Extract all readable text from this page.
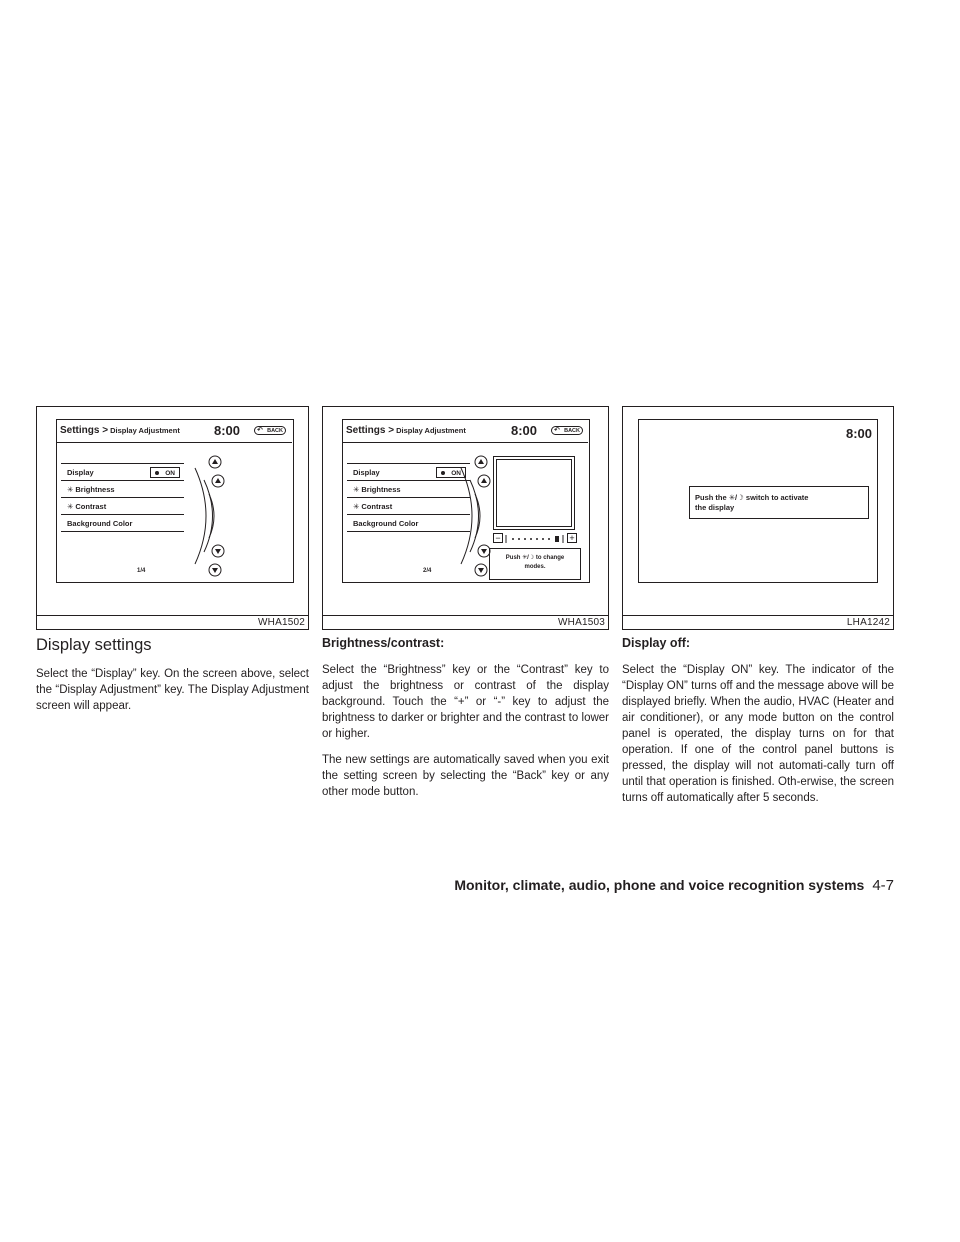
Settings > Display Adjustment	8:00	↶ BACK
Display	ON
✳ Brightness
✳ Contrast
Background Color
1/4
WHA1502
Settings > Display Adjustment	8:00	↶ BACK
Display	ON
✳ Brightness
✳ Contrast
Background Color
2/4
−	+
Push ✳/☽ to change
modes.
WHA1503
8:00
Push the ✳/☽ switch to activate
the display
LHA1242
Display settings

Select the “Display” key. On the screen above, select the “Display Adjustment” key. The Display Adjustment screen will appear.

Brightness/contrast:

Select the “Brightness” key or the “Contrast” key to adjust the brightness or contrast of the display background. Touch the “+” or “-” key to adjust the brightness to darker or brighter and the contrast to lower or higher.

The new settings are automatically saved when you exit the setting screen by selecting the “Back” key or any other mode button.

Display off:

Select the “Display ON” key. The indicator of the “Display ON” turns off and the message above will be displayed briefly. When the audio, HVAC (Heater and air conditioner), or any mode button on the control panel is operated, the display turns on for that operation. If one of the control panel buttons is pressed, the display will not automati-cally turn off until that operation is finished. Oth-erwise, the screen turns off automatically after 5 seconds.

Monitor, climate, audio, phone and voice recognition systems 4-7
